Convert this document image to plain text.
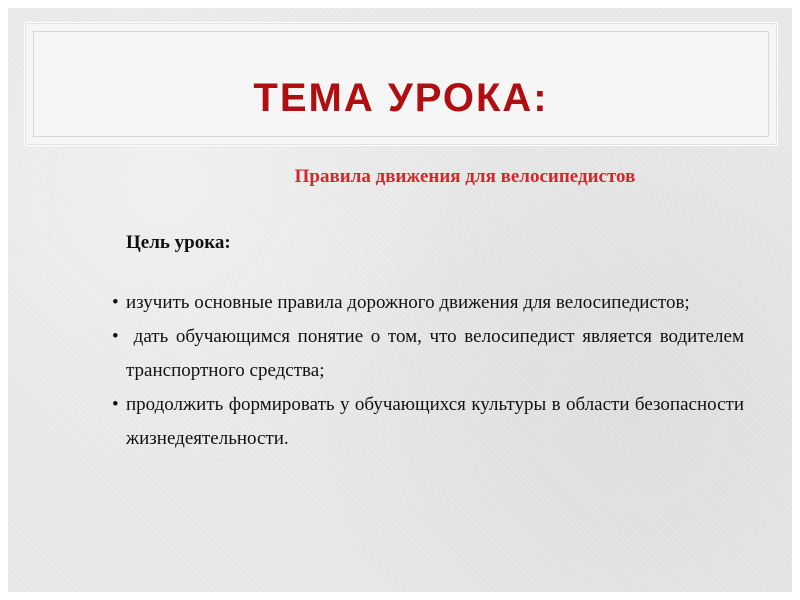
ТЕМА УРОКА:

Правила движения для велосипедистов

Цель урока:

• изучить основные правила дорожного движения для велосипедистов;
• дать обучающимся понятие о том, что велосипедист является водителем транспортного средства;
• продолжить формировать у обучающихся культуры в области безопасности  жизнедеятельности.
